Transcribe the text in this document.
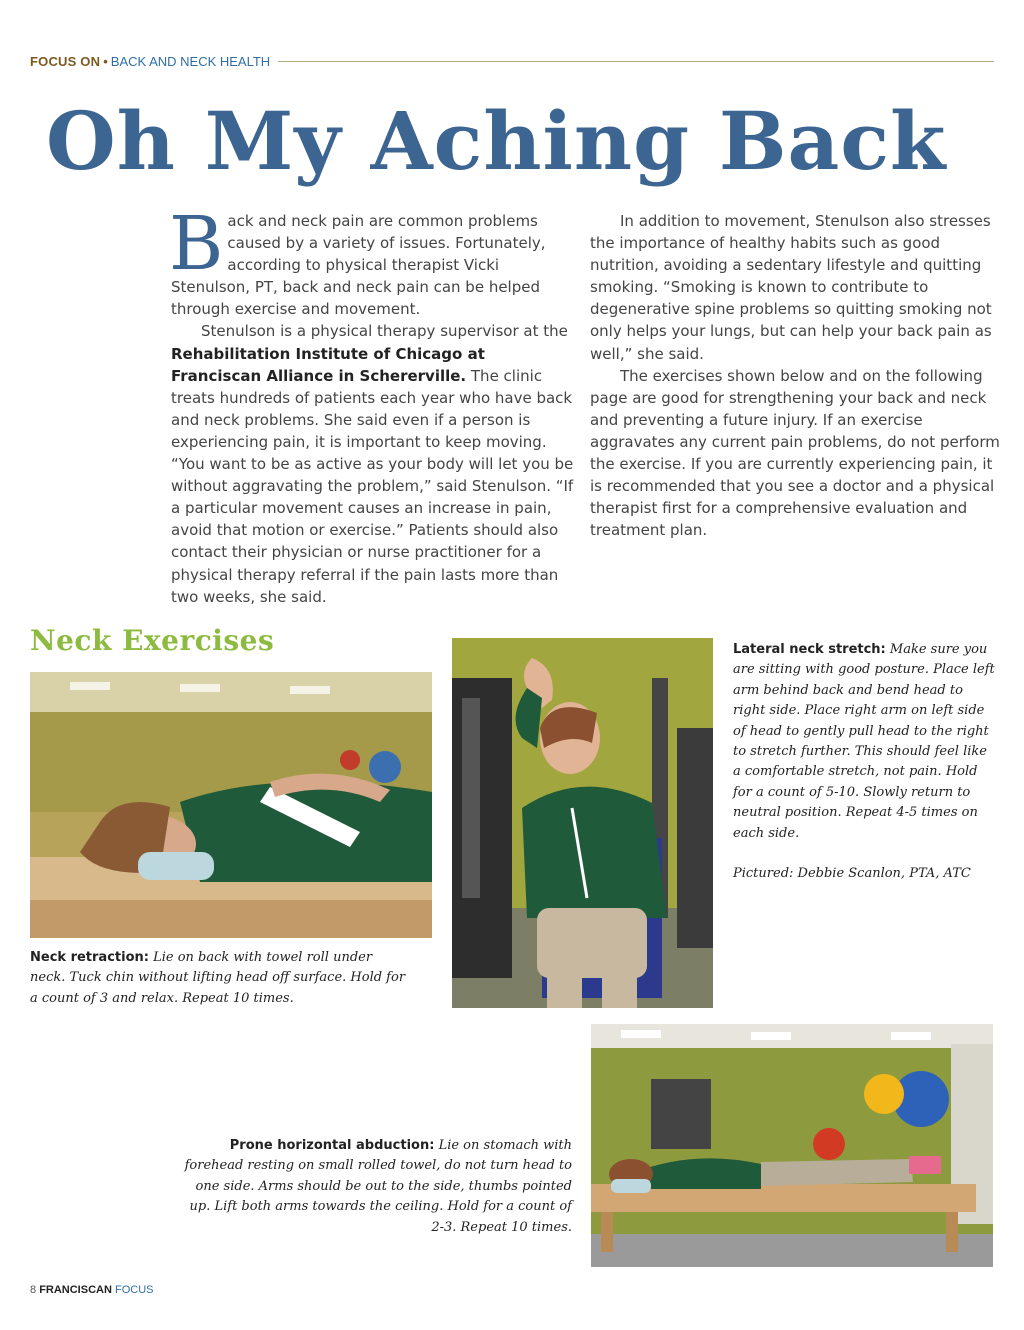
FOCUS ON • BACK AND NECK HEALTH
Oh My Aching Back

Back and neck pain are common problems caused by a variety of issues. Fortunately, according to physical therapist Vicki Stenulson, PT, back and neck pain can be helped through exercise and movement.

Stenulson is a physical therapy supervisor at the Rehabilitation Institute of Chicago at Franciscan Alliance in Schererville. The clinic treats hundreds of patients each year who have back and neck problems. She said even if a person is experiencing pain, it is important to keep moving. “You want to be as active as your body will let you be without aggravating the problem,” said Stenulson. “If a particular movement causes an increase in pain, avoid that motion or exercise.” Patients should also contact their physician or nurse practitioner for a physical therapy referral if the pain lasts more than two weeks, she said.

In addition to movement, Stenulson also stresses the importance of healthy habits such as good nutrition, avoiding a sedentary lifestyle and quitting smoking. “Smoking is known to contribute to degenerative spine problems so quitting smoking not only helps your lungs, but can help your back pain as well,” she said.

The exercises shown below and on the following page are good for strengthening your back and neck and preventing a future injury. If an exercise aggravates any current pain problems, do not perform the exercise. If you are currently experiencing pain, it is recommended that you see a doctor and a physical therapist first for a comprehensive evaluation and treatment plan.

Neck Exercises	Lateral neck stretch: Make sure you are sitting with good posture. Place left arm behind back and bend head to right side. Place right arm on left side of head to gently pull head to the right to stretch further. This should feel like a comfortable stretch, not pain. Hold for a count of 5-10. Slowly return to neutral position. Repeat 4-5 times on each side.
Pictured: Debbie Scanlon, PTA, ATC
Neck retraction: Lie on back with towel roll under neck. Tuck chin without lifting head off surface. Hold for a count of 3 and relax. Repeat 10 times.
Prone horizontal abduction: Lie on stomach with forehead resting on small rolled towel, do not turn head to one side. Arms should be out to the side, thumbs pointed up. Lift both arms towards the ceiling. Hold for a count of 2-3. Repeat 10 times.
8 FRANCISCAN FOCUS
